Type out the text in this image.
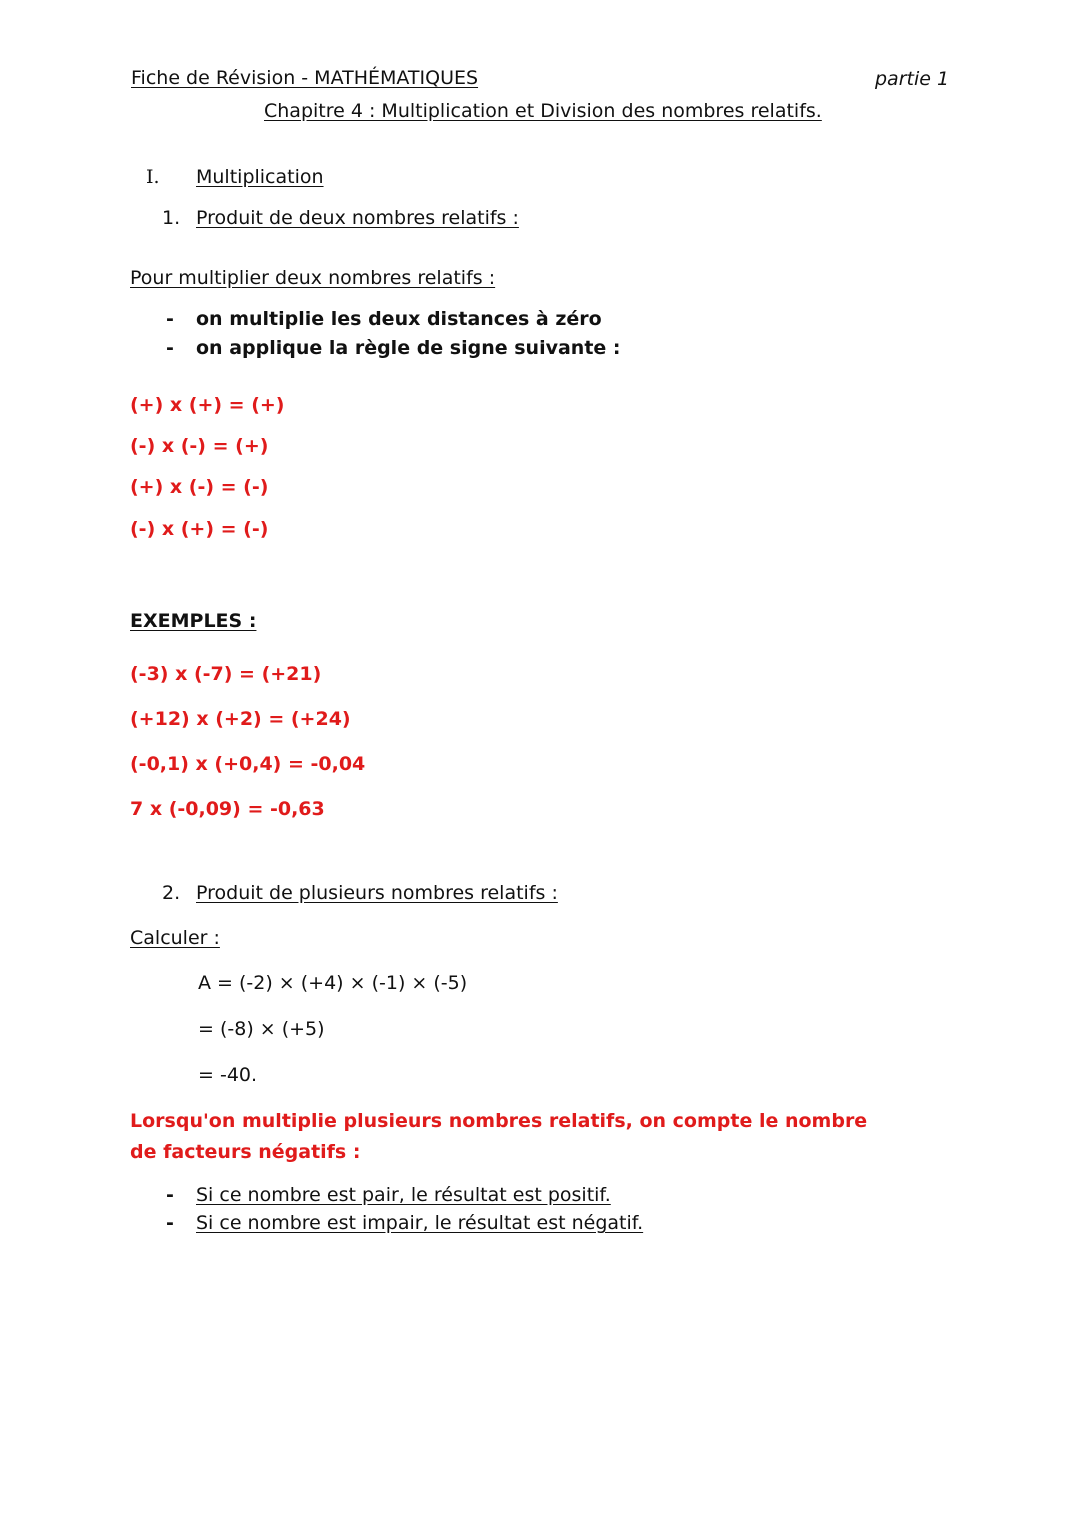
Fiche de Révision - MATHÉMATIQUES	partie 1
Chapitre 4 : Multiplication et Division des nombres relatifs.
I. Multiplication
1. Produit de deux nombres relatifs :
Pour multiplier deux nombres relatifs :
- on multiplie les deux distances à zéro
- on applique la règle de signe suivante :
(+) x (+) = (+)
(-) x (-) = (+)
(+) x (-) = (-)
(-) x (+) = (-)
EXEMPLES :
(-3) x (-7) = (+21)
(+12) x (+2) = (+24)
(-0,1) x (+0,4) = -0,04
7 x (-0,09) = -0,63
2. Produit de plusieurs nombres relatifs :
Calculer :
A = (-2) × (+4) × (-1) × (-5)
= (-8) × (+5)
= -40.
Lorsqu'on multiplie plusieurs nombres relatifs, on compte le nombre
de facteurs négatifs :
- Si ce nombre est pair, le résultat est positif.
- Si ce nombre est impair, le résultat est négatif.
